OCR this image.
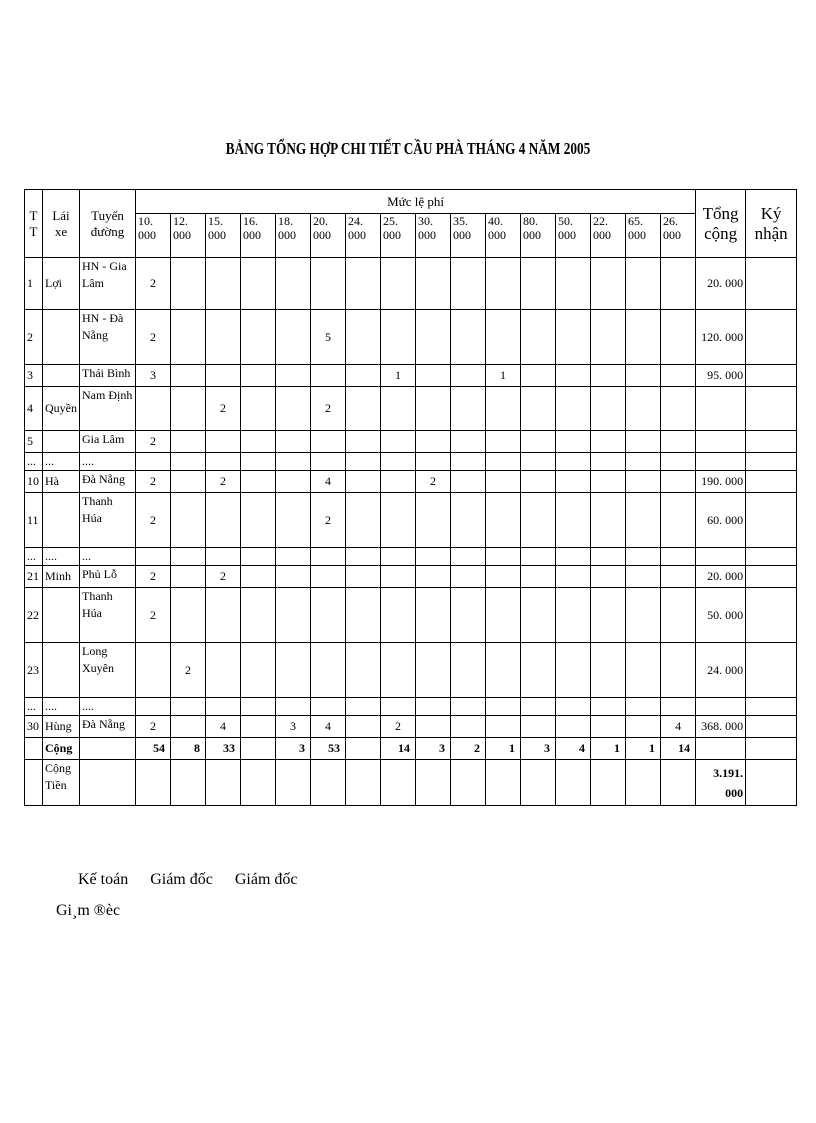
BẢNG TỔNG HỢP CHI TIẾT CẦU PHÀ THÁNG 4 NĂM 2005
T T	Lái xe	Tuyến đường	Mức lệ phí																Tổng cộng	Ký nhận
			10. 000	12. 000	15. 000	16. 000	18. 000	20. 000	24. 000	25. 000	30. 000	35. 000	40. 000	80. 000	50. 000	22. 000	65. 000	26. 000		
1	Lợi	HN - Gia Lâm	2																20. 000	
2		HN - Đà Nẵng	2					5											120. 000	
3		Thái Bình	3							1			1						95. 000	
4	Quyền	Nam Định			2			2												
5		Gia Lâm	2																	
...	...	....																		
10	Hà	Đà Nẵng	2		2			4			2								190. 000	
11		Thanh Húa	2					2											60. 000	
...	....	...																		
21	Minh	Phủ Lỗ	2		2														20. 000	
22		Thanh Húa	2																50. 000	
23		Long Xuyên		2															24. 000	
...	....	....																		
30	Hùng	Đà Nẵng	2		4		3	4		2								4	368. 000	
	Cộng		54	8	33		3	53		14	3	2	1	3	4	1	1	14		
	Cộng Tiền																		3.191. 000	
Kế toán Giám đốc Giám đốc
Gi¸m ®èc
